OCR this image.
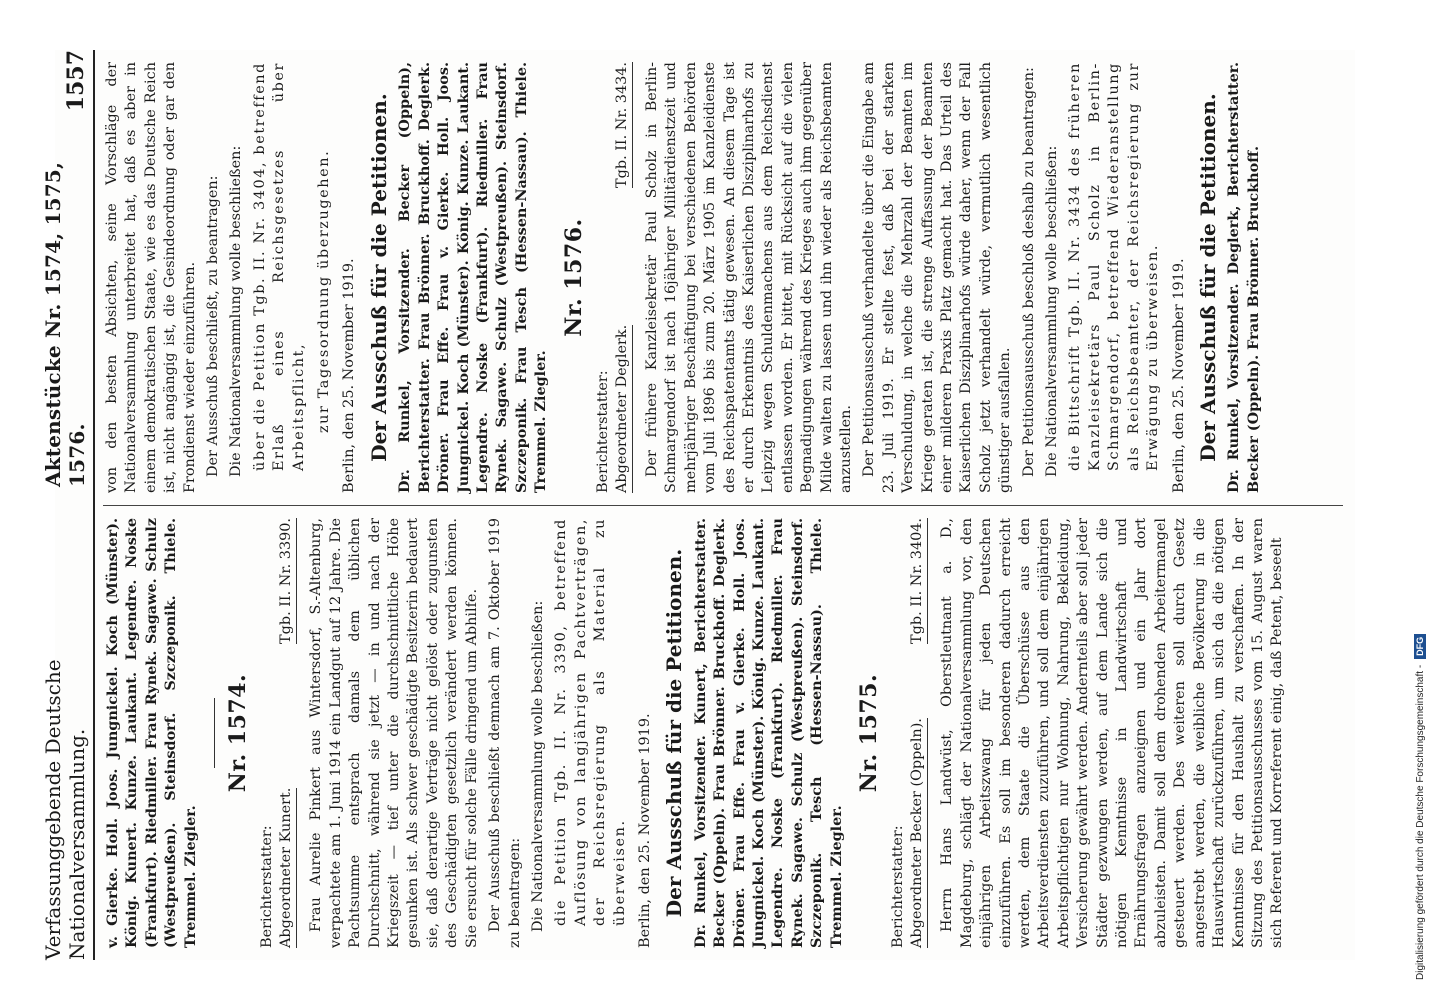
Verfassunggebende Deutsche Nationalversammlung.
Aktenstücke Nr. 1574, 1575, 1576.
1557

v. Gierke. Holl. Joos. Jungnickel. Koch (Münster). König. Kunert. Kunze. Laukant. Legendre. Noske (Frankfurt). Riedmiller. Frau Rynek. Sagawe. Schulz (Westpreußen). Steinsdorf. Szczeponik. Thiele. Tremmel. Ziegler.

Nr. 1574.
Berichterstatter: Abgeordneter Kunert.
Tgb. II. Nr. 3390. Frau Aurelie Pinkert aus Wintersdorf, S.-Altenburg, verpachtete am 1. Juni 1914 ein Landgut auf 12 Jahre. Die Pachtsumme entsprach damals dem üblichen Durchschnitt, während sie jetzt — in und nach der Kriegszeit — tief unter die durchschnittliche Höhe gesunken ist. Als schwer geschädigte Besitzerin bedauert sie, daß derartige Verträge nicht gelöst oder zugunsten des Geschädigten gesetzlich verändert werden können. Sie ersucht für solche Fälle dringend um Abhilfe. Der Ausschuß beschließt demnach am 7. Oktober 1919 zu beantragen: Die Nationalversammlung wolle beschließen: die Petition Tgb. II. Nr. 3390, betreffend Auflösung von langjährigen Pachtverträgen, der Reichsregierung als Material zu überweisen. Berlin, den 25. November 1919. Der Ausschuß für die Petitionen. Dr. Runkel, Vorsitzender. Kunert, Berichterstatter. Becker (Oppeln). Frau Brönner. Bruckhoff. Deglerk. Dröner. Frau Effe. Frau v. Gierke. Holl. Joos. Jungnickel. Koch (Münster). König. Kunze. Laukant. Legendre. Noske (Frankfurt). Riedmiller. Frau Rynek. Sagawe. Schulz (Westpreußen). Steinsdorf. Szczeponik. Tesch (Hessen-Nassau). Thiele. Tremmel. Ziegler.

Nr. 1575.
Berichterstatter: Abgeordneter Becker (Oppeln).
Tgb. II. Nr. 3404. Herrn Hans Landwüst, Oberstleutnant a. D., Magdeburg, schlägt der Nationalversammlung vor, den einjährigen Arbeitszwang für jeden Deutschen einzuführen. Es soll im besonderen dadurch erreicht werden, dem Staate die Überschüsse aus den Arbeitsverdiensten zuzuführen, und soll dem einjährigen Arbeitspflichtigen nur Wohnung, Nahrung, Bekleidung, Versicherung gewährt werden. Andernteils aber soll jeder Städter gezwungen werden, auf dem Lande sich die nötigen Kenntnisse in Landwirtschaft und Ernährungsfragen anzueignen und ein Jahr dort abzuleisten. Damit soll dem drohenden Arbeitermangel gesteuert werden. Des weiteren soll durch Gesetz angestrebt werden, die weibliche Bevölkerung in die Hauswirtschaft zurückzuführen, um sich da die nötigen Kenntnisse für den Haushalt zu verschaffen. In der Sitzung des Petitionsausschusses vom 15. August waren sich Referent und Korreferent einig, daß Petent, beseelt

von den besten Absichten, seine Vorschläge der Nationalversammlung unterbreitet hat, daß es aber in einem demokratischen Staate, wie es das Deutsche Reich ist, nicht angängig ist, die Gesindeordnung oder gar den Frondienst wieder einzuführen. Der Ausschuß beschließt, zu beantragen: Die Nationalversammlung wolle beschließen: über die Petition Tgb. II. Nr. 3404, betreffend Erlaß eines Reichsgesetzes über Arbeitspflicht, zur Tagesordnung überzugehen. Berlin, den 25. November 1919. Der Ausschuß für die Petitionen. Dr. Runkel, Vorsitzender. Becker (Oppeln), Berichterstatter. Frau Brönner. Bruckhoff. Deglerk. Dröner. Frau Effe. Frau v. Gierke. Holl. Joos. Jungnickel. Koch (Münster). König. Kunze. Laukant. Legendre. Noske (Frankfurt). Riedmiller. Frau Rynek. Sagawe. Schulz (Westpreußen). Steinsdorf. Szczeponik. Frau Tesch (Hessen-Nassau). Thiele. Tremmel. Ziegler.

Nr. 1576.
Berichterstatter: Abgeordneter Deglerk.
Tgb. II. Nr. 3434. Der frühere Kanzleisekretär Paul Scholz in Berlin-Schmargendorf ist nach 16jähriger Militärdienstzeit und mehrjähriger Beschäftigung bei verschiedenen Behörden vom Juli 1896 bis zum 20. März 1905 im Kanzleidienste des Reichspatentamts tätig gewesen. An diesem Tage ist er durch Erkenntnis des Kaiserlichen Disziplinarhofs zu Leipzig wegen Schuldenmachens aus dem Reichsdienst entlassen worden. Er bittet, mit Rücksicht auf die vielen Begnadigungen während des Krieges auch ihm gegenüber Milde walten zu lassen und ihn wieder als Reichsbeamten anzustellen. Der Petitionsausschuß verhandelte über die Eingabe am 23. Juli 1919. Er stellte fest, daß bei der starken Verschuldung, in welche die Mehrzahl der Beamten im Kriege geraten ist, die strenge Auffassung der Beamten einer milderen Praxis Platz gemacht hat. Das Urteil des Kaiserlichen Disziplinarhofs würde daher, wenn der Fall Scholz jetzt verhandelt würde, vermutlich wesentlich günstiger ausfallen. Der Petitionsausschuß beschloß deshalb zu beantragen: Die Nationalversammlung wolle beschließen: die Bittschrift Tgb. II. Nr. 3434 des früheren Kanzleisekretärs Paul Scholz in Berlin-Schmargendorf, betreffend Wiederanstellung als Reichsbeamter, der Reichsregierung zur Erwägung zu überweisen. Berlin, den 25. November 1919. Der Ausschuß für die Petitionen. Dr. Runkel, Vorsitzender. Deglerk, Berichterstatter. Becker (Oppeln). Frau Brönner. Bruckhoff.

Digitalisierung gefördert durch die Deutsche Forschungsgemeinschaft -
DFG
